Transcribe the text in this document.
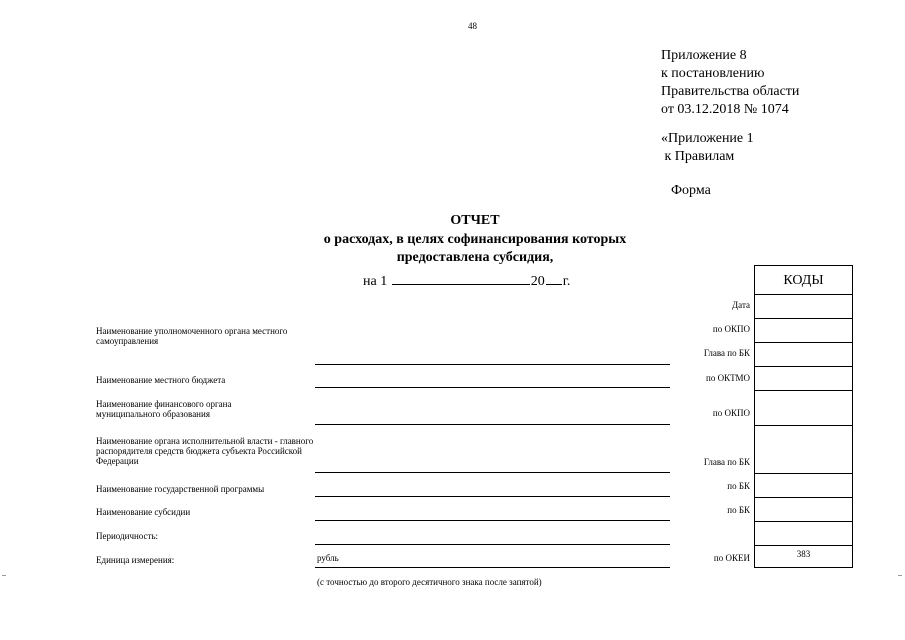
48
Приложение 8
к постановлению
Правительства области
от 03.12.2018 № 1074
«Приложение 1
к Правилам
Форма
ОТЧЕТ
о расходах, в целях софинансирования которых
предоставлена субсидия,
на 1	20 г.
Наименование уполномоченного органа местного самоуправления
Наименование местного бюджета
Наименование финансового органа муниципального образования
Наименование органа исполнительной власти - главного распорядителя средств бюджета субъекта Российской Федерации
Наименование государственной программы
Наименование субсидии
Периодичность:
Единица измерения:	рубль
(с точностью до второго десятичного знака после запятой)
Дата
по ОКПО
Глава по БК
по ОКТМО
по ОКПО
Глава по БК
по БК
по БК
по ОКЕИ
КОДЫ
383
